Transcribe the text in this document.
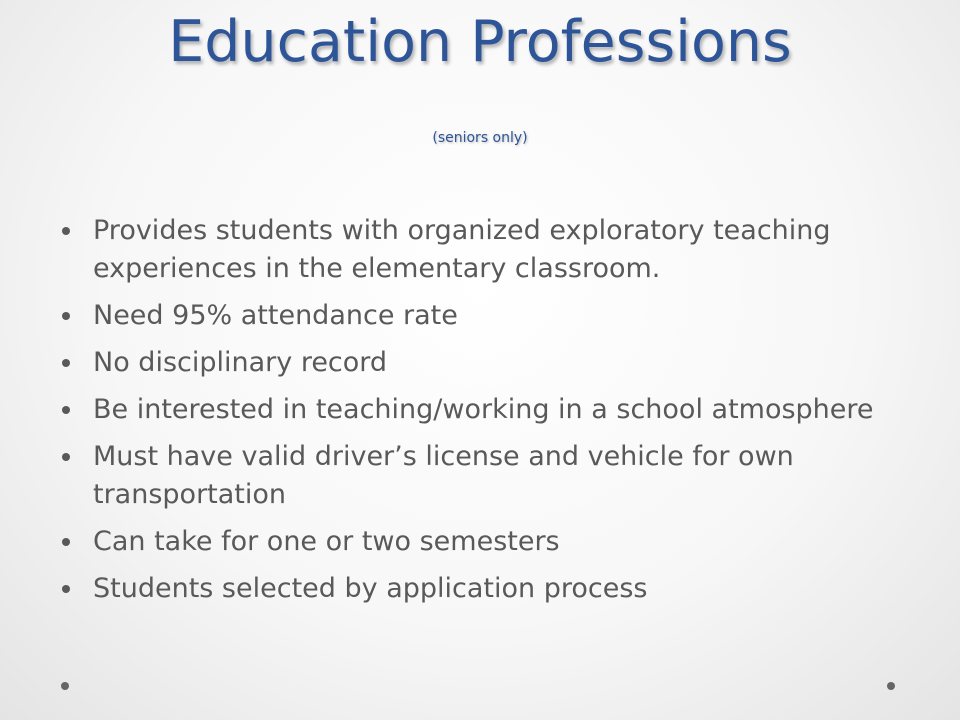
Education Professions
(seniors only)
Provides students with organized exploratory teaching experiences in the elementary classroom.
Need 95% attendance rate
No disciplinary record
Be interested in teaching/working in a school atmosphere
Must have valid driver’s license and vehicle for own transportation
Can take for one or two semesters
Students selected by application process
